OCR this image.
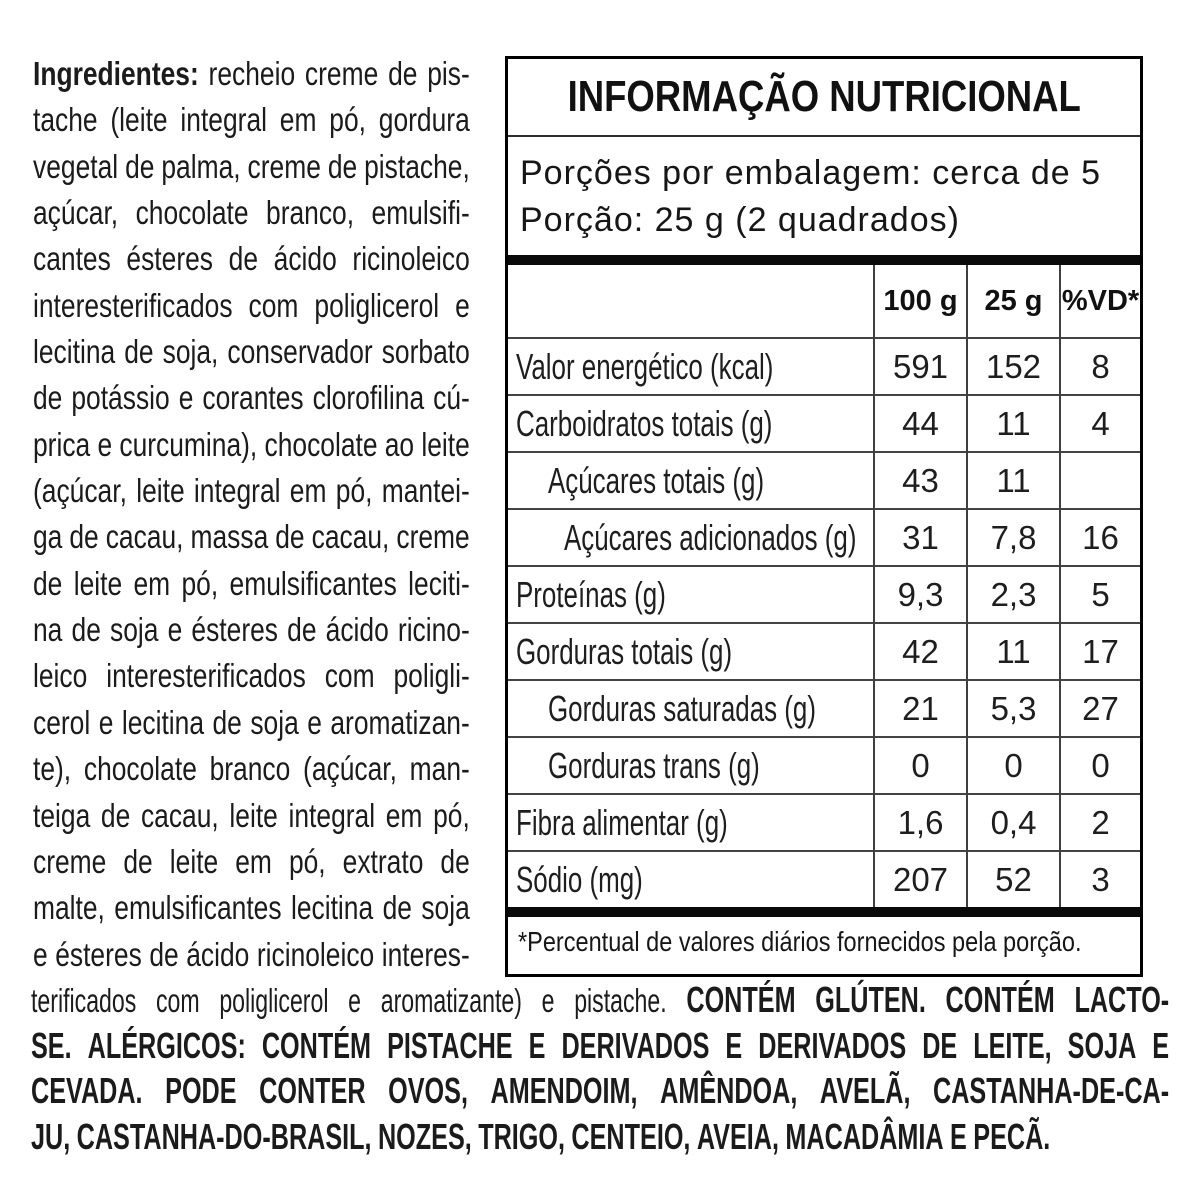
Ingredientes: recheio creme de pis-
tache (leite integral em pó, gordura
vegetal de palma, creme de pistache,
açúcar, chocolate branco, emulsifi-
cantes ésteres de ácido ricinoleico
interesterificados com poliglicerol e
lecitina de soja, conservador sorbato
de potássio e corantes clorofilina cú-
prica e curcumina), chocolate ao leite
(açúcar, leite integral em pó, mantei-
ga de cacau, massa de cacau, creme
de leite em pó, emulsificantes leciti-
na de soja e ésteres de ácido ricino-
leico interesterificados com poligli-
cerol e lecitina de soja e aromatizan-
te), chocolate branco (açúcar, man-
teiga de cacau, leite integral em pó,
creme de leite em pó, extrato de
malte, emulsificantes lecitina de soja
e ésteres de ácido ricinoleico interes-
INFORMAÇÃO NUTRICIONAL
Porções por embalagem: cerca de 5
Porção: 25 g (2 quadrados)
	100 g	25 g	%VD*
Valor energético (kcal)	591	152	8
Carboidratos totais (g)	44	11	4
Açúcares totais (g)	43	11	
Açúcares adicionados (g)	31	7,8	16
Proteínas (g)	9,3	2,3	5
Gorduras totais (g)	42	11	17
Gorduras saturadas (g)	21	5,3	27
Gorduras trans (g)	0	0	0
Fibra alimentar (g)	1,6	0,4	2
Sódio (mg)	207	52	3
*Percentual de valores diários fornecidos pela porção.
terificados com poliglicerol e aromatizante) e pistache. CONTÉM GLÚTEN. CONTÉM LACTO-
SE. ALÉRGICOS: CONTÉM PISTACHE E DERIVADOS E DERIVADOS DE LEITE, SOJA E
CEVADA. PODE CONTER OVOS, AMENDOIM, AMÊNDOA, AVELÃ, CASTANHA-DE-CA-
JU, CASTANHA-DO-BRASIL, NOZES, TRIGO, CENTEIO, AVEIA, MACADÂMIA E PECÃ.
